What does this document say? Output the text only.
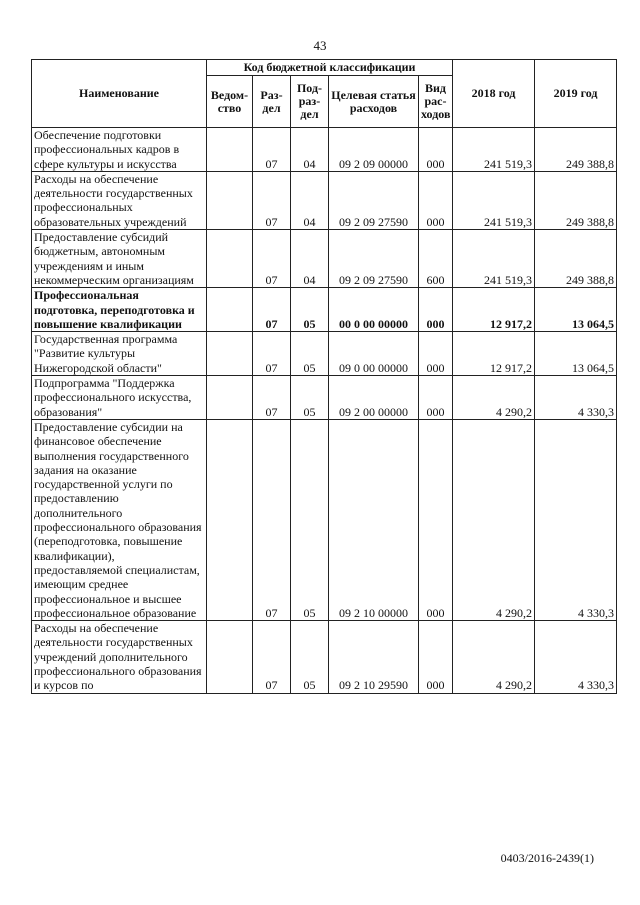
43
Наименование	Код бюджетной классификации					2018 год	2019 год
	Ведом-ство	Раз-дел	Под-раз-дел	Целевая статья расходов	Вид рас-ходов		
Обеспечение подготовки профессиональных кадров в сфере культуры и искусства		07	04	09 2 09 00000	000	241 519,3	249 388,8
Расходы на обеспечение деятельности государственных профессиональных образовательных учреждений		07	04	09 2 09 27590	000	241 519,3	249 388,8
Предоставление субсидий бюджетным, автономным учреждениям и иным некоммерческим организациям		07	04	09 2 09 27590	600	241 519,3	249 388,8
Профессиональная подготовка, переподготовка и повышение квалификации		07	05	00 0 00 00000	000	12 917,2	13 064,5
Государственная программа "Развитие культуры Нижегородской области"		07	05	09 0 00 00000	000	12 917,2	13 064,5
Подпрограмма "Поддержка профессионального искусства, образования"		07	05	09 2 00 00000	000	4 290,2	4 330,3
Предоставление субсидии на финансовое обеспечение выполнения государственного задания на оказание государственной услуги по предоставлению дополнительного профессионального образования (переподготовка, повышение квалификации), предоставляемой специалистам, имеющим среднее профессиональное и высшее профессиональное образование		07	05	09 2 10 00000	000	4 290,2	4 330,3
Расходы на обеспечение деятельности государственных учреждений дополнительного профессионального образования и курсов по		07	05	09 2 10 29590	000	4 290,2	4 330,3
0403/2016-2439(1)
